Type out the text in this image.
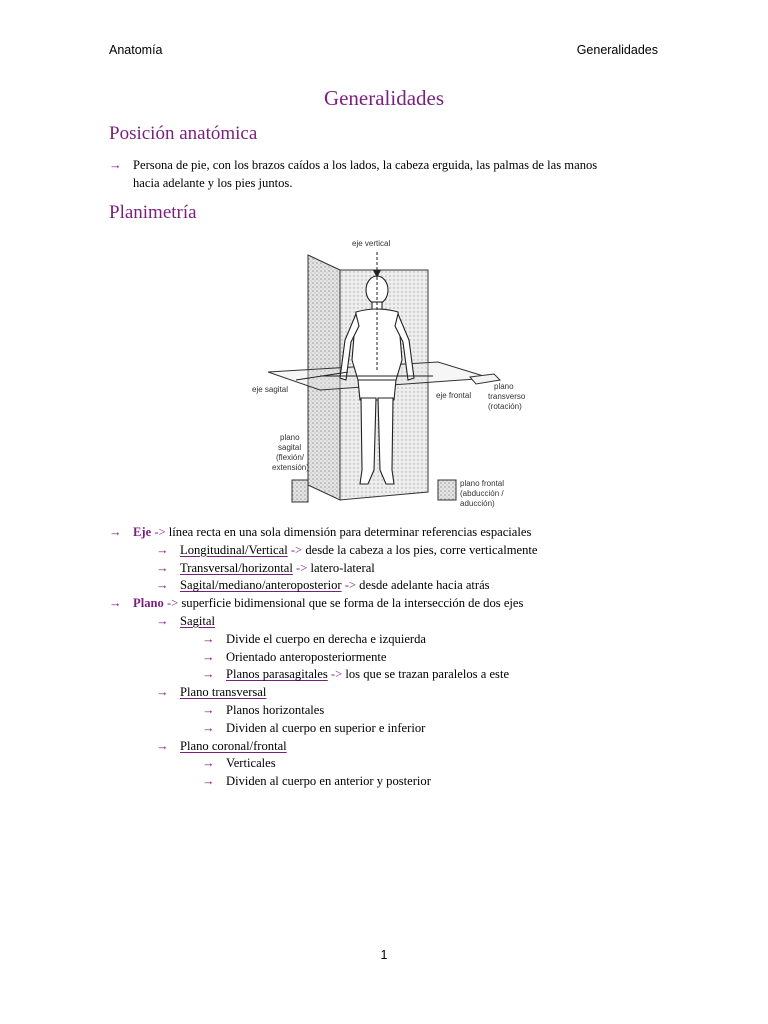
Anatomía	Generalidades
Generalidades
Posición anatómica
→ Persona de pie, con los brazos caídos a los lados, la cabeza erguida, las palmas de las manos
hacia adelante y los pies juntos.
Planimetría
eje vertical
eje sagital
eje frontal
plano
transverso
(rotación)
plano
sagital
(flexión/
extensión)
plano frontal
(abducción /
aducción)
→ Eje -> línea recta en una sola dimensión para determinar referencias espaciales
→ Longitudinal/Vertical -> desde la cabeza a los pies, corre verticalmente
→ Transversal/horizontal -> latero-lateral
→ Sagital/mediano/anteroposterior -> desde adelante hacia atrás
→ Plano -> superficie bidimensional que se forma de la intersección de dos ejes
→ Sagital
→ Divide el cuerpo en derecha e izquierda
→ Orientado anteroposteriormente
→ Planos parasagitales -> los que se trazan paralelos a este
→ Plano transversal
→ Planos horizontales
→ Dividen al cuerpo en superior e inferior
→ Plano coronal/frontal
→ Verticales
→ Dividen al cuerpo en anterior y posterior
1
